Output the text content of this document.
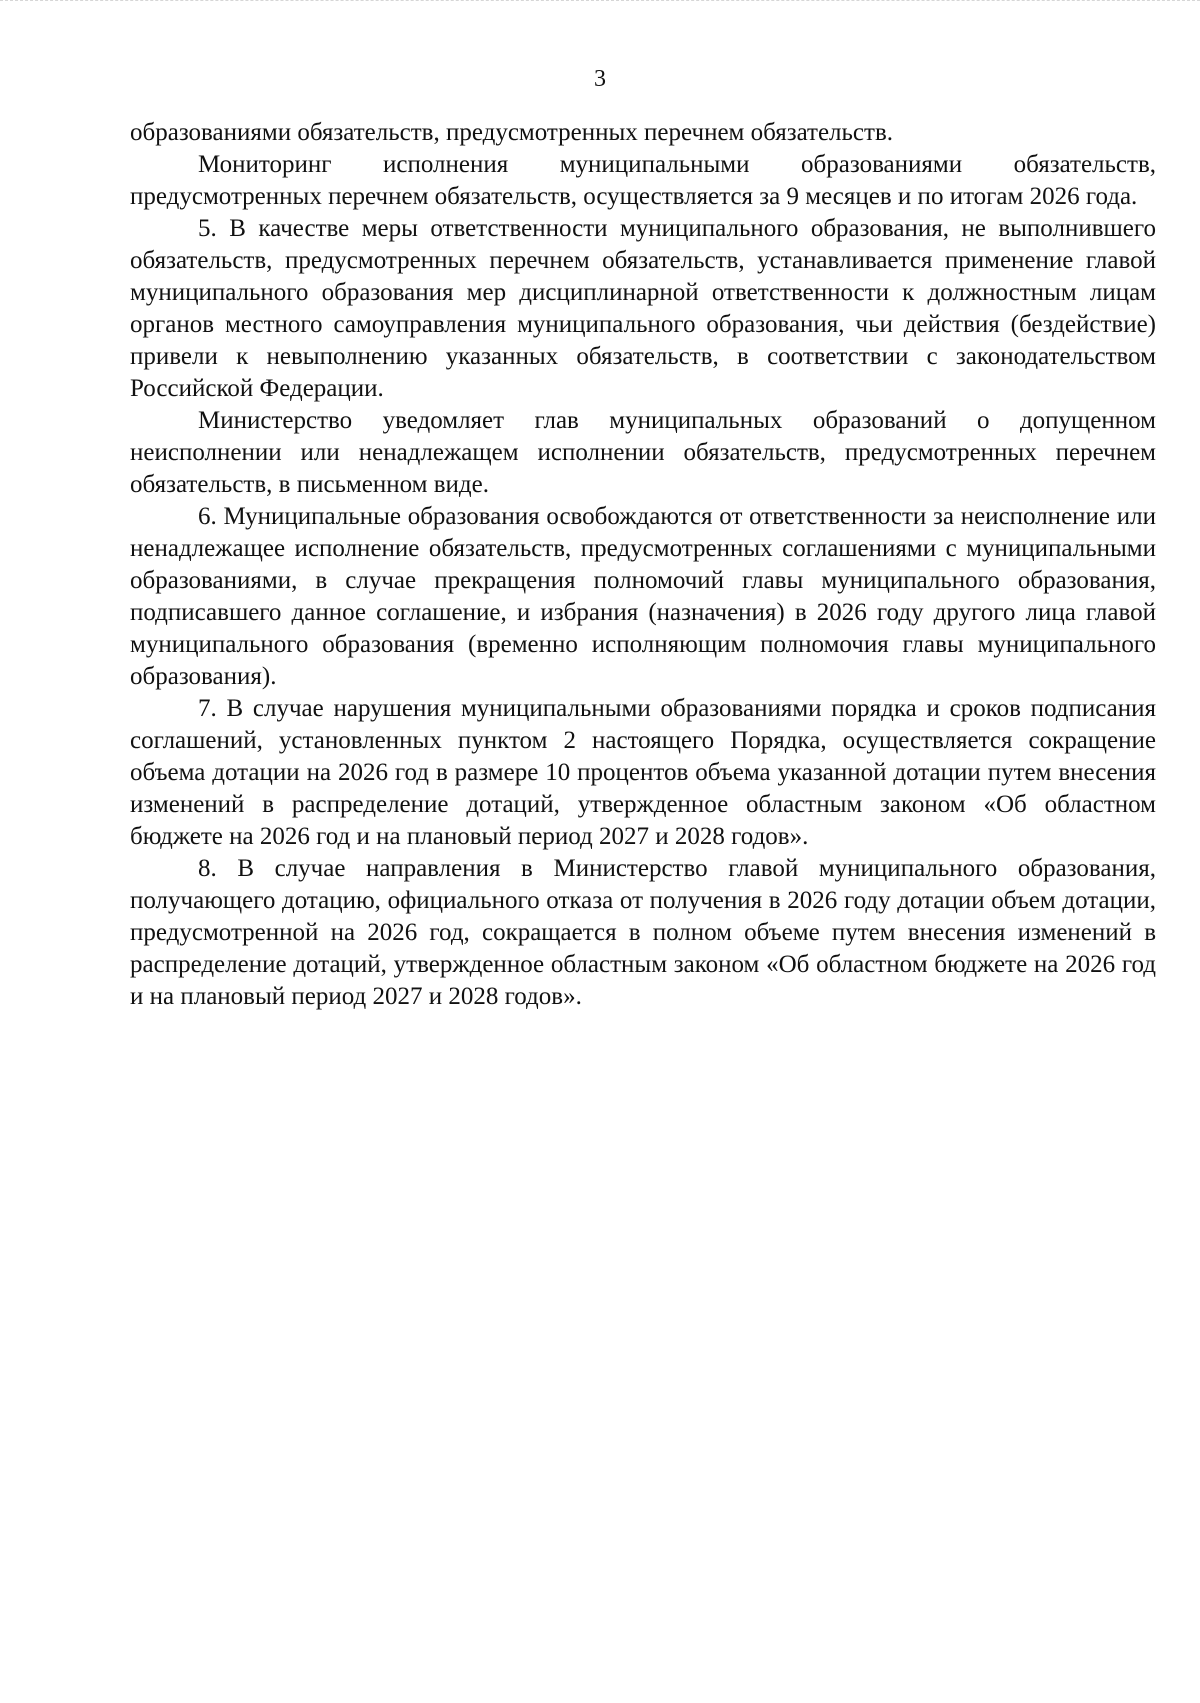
3

образованиями обязательств, предусмотренных перечнем обязательств.

Мониторинг исполнения муниципальными образованиями обязательств, предусмотренных перечнем обязательств, осуществляется за 9 месяцев и по итогам 2026 года.

5. В качестве меры ответственности муниципального образования, не выполнившего обязательств, предусмотренных перечнем обязательств, устанавливается применение главой муниципального образования мер дисциплинарной ответственности к должностным лицам органов местного самоуправления муниципального образования, чьи действия (бездействие) привели к невыполнению указанных обязательств, в соответствии с законодательством Российской Федерации.

Министерство уведомляет глав муниципальных образований о допущенном неисполнении или ненадлежащем исполнении обязательств, предусмотренных перечнем обязательств, в письменном виде.

6. Муниципальные образования освобождаются от ответственности за неисполнение или ненадлежащее исполнение обязательств, предусмотренных соглашениями с муниципальными образованиями, в случае прекращения полномочий главы муниципального образования, подписавшего данное соглашение, и избрания (назначения) в 2026 году другого лица главой муниципального образования (временно исполняющим полномочия главы муниципального образования).

7. В случае нарушения муниципальными образованиями порядка и сроков подписания соглашений, установленных пунктом 2 настоящего Порядка, осуществляется сокращение объема дотации на 2026 год в размере 10 процентов объема указанной дотации путем внесения изменений в распределение дотаций, утвержденное областным законом «Об областном бюджете на 2026 год и на плановый период 2027 и 2028 годов».

8. В случае направления в Министерство главой муниципального образования, получающего дотацию, официального отказа от получения в 2026 году дотации объем дотации, предусмотренной на 2026 год, сокращается в полном объеме путем внесения изменений в распределение дотаций, утвержденное областным законом «Об областном бюджете на 2026 год и на плановый период 2027 и 2028 годов».
